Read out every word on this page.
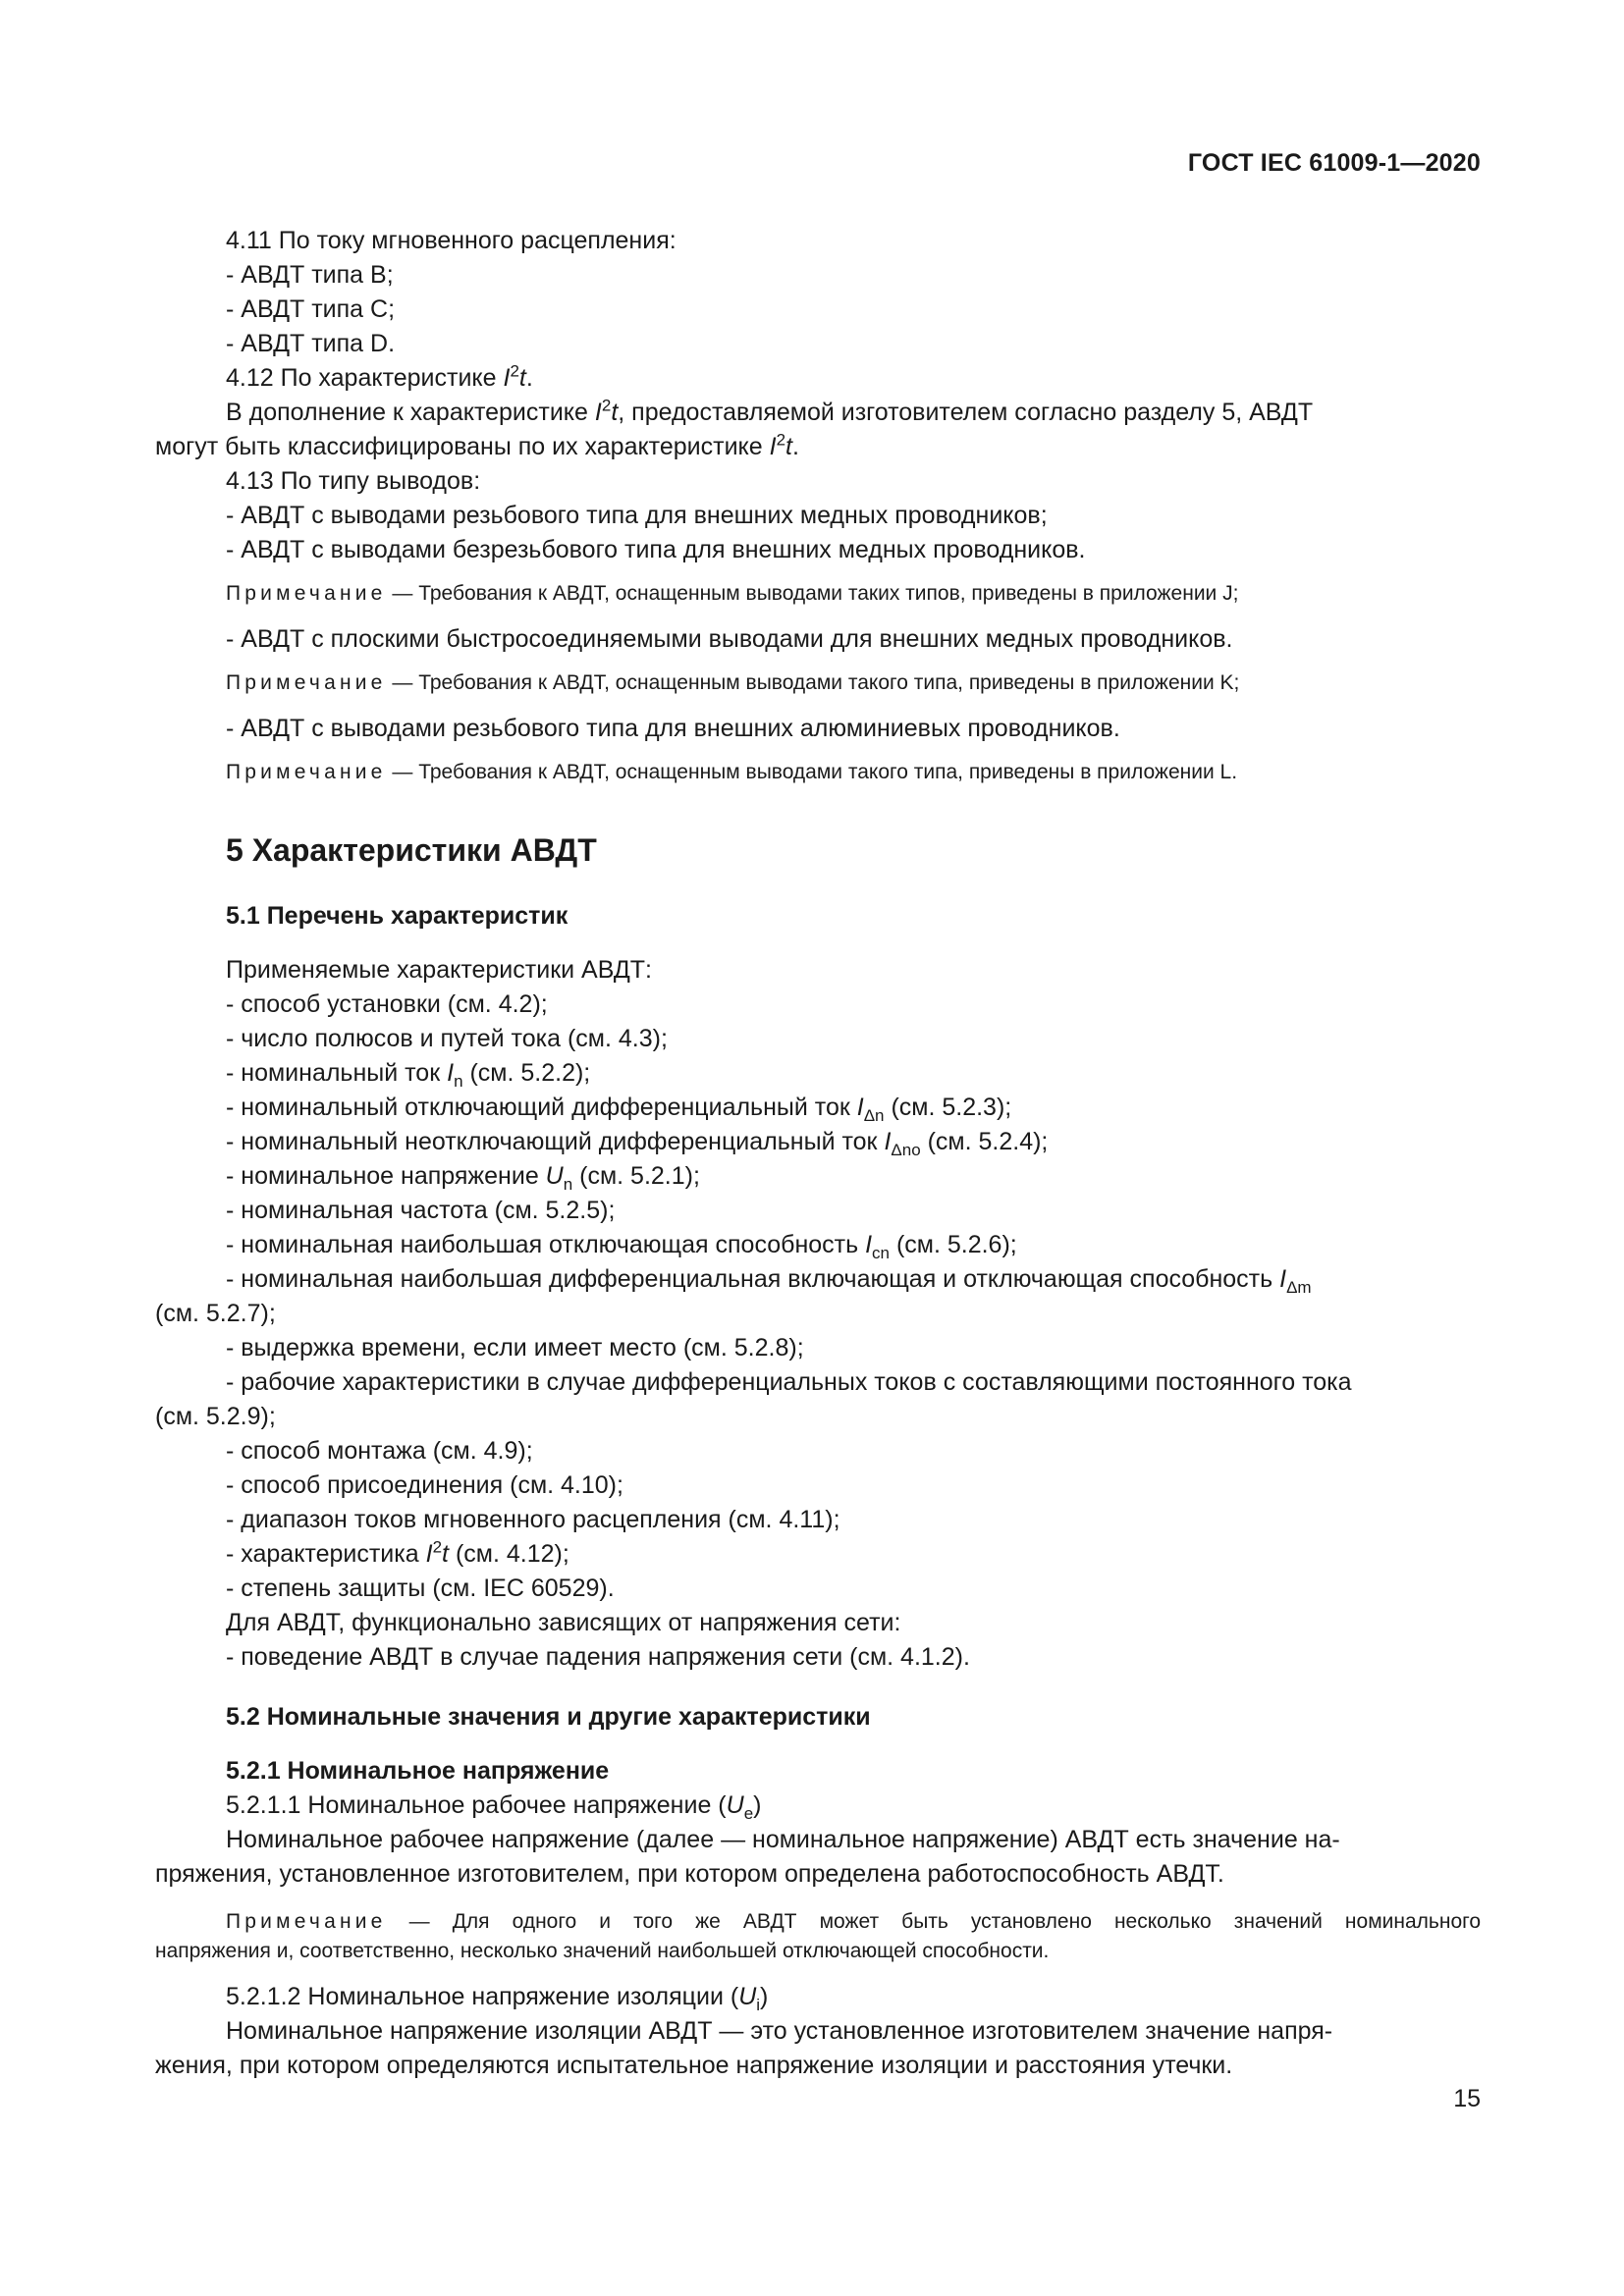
ГОСТ IEC 61009-1—2020

4.11 По току мгновенного расцепления:

- АВДТ типа B;

- АВДТ типа C;

- АВДТ типа D.

4.12 По характеристике $I^2t$.

В дополнение к характеристике $I^2t$, предоставляемой изготовителем согласно разделу 5, АВДТ

могут быть классифицированы по их характеристике $I^2t$.

4.13 По типу выводов:

- АВДТ с выводами резьбового типа для внешних медных проводников;

- АВДТ с выводами безрезьбового типа для внешних медных проводников.

Примечание — Требования к АВДТ, оснащенным выводами таких типов, приведены в приложении J;

- АВДТ с плоскими быстросоединяемыми выводами для внешних медных проводников.

Примечание — Требования к АВДТ, оснащенным выводами такого типа, приведены в приложении K;

- АВДТ с выводами резьбового типа для внешних алюминиевых проводников.

Примечание — Требования к АВДТ, оснащенным выводами такого типа, приведены в приложении L.

5 Характеристики АВДТ
5.1 Перечень характеристик

Применяемые характеристики АВДТ:

- способ установки (см. 4.2);

- число полюсов и путей тока (см. 4.3);

- номинальный ток $I_n$ (см. 5.2.2);

- номинальный отключающий дифференциальный ток $I_{\Delta n}$ (см. 5.2.3);

- номинальный неотключающий дифференциальный ток $I_{\Delta no}$ (см. 5.2.4);

- номинальное напряжение $U_n$ (см. 5.2.1);

- номинальная частота (см. 5.2.5);

- номинальная наибольшая отключающая способность $I_{cn}$ (см. 5.2.6);

- номинальная наибольшая дифференциальная включающая и отключающая способность $I_{\Delta m}$

(см. 5.2.7);

- выдержка времени, если имеет место (см. 5.2.8);

- рабочие характеристики в случае дифференциальных токов с составляющими постоянного тока

(см. 5.2.9);

- способ монтажа (см. 4.9);

- способ присоединения (см. 4.10);

- диапазон токов мгновенного расцепления (см. 4.11);

- характеристика $I^2t$ (см. 4.12);

- степень защиты (см. IEC 60529).

Для АВДТ, функционально зависящих от напряжения сети:

- поведение АВДТ в случае падения напряжения сети (см. 4.1.2).

5.2 Номинальные значения и другие характеристики
5.2.1 Номинальное напряжение

5.2.1.1 Номинальное рабочее напряжение $(U_e)$

Номинальное рабочее напряжение (далее — номинальное напряжение) АВДТ есть значение на-

пряжения, установленное изготовителем, при котором определена работоспособность АВДТ.

Примечание — Для одного и того же АВДТ может быть установлено несколько значений номинального
напряжения и, соответственно, несколько значений наибольшей отключающей способности.

5.2.1.2 Номинальное напряжение изоляции $(U_i)$

Номинальное напряжение изоляции АВДТ — это установленное изготовителем значение напря-

жения, при котором определяются испытательное напряжение изоляции и расстояния утечки.

15
